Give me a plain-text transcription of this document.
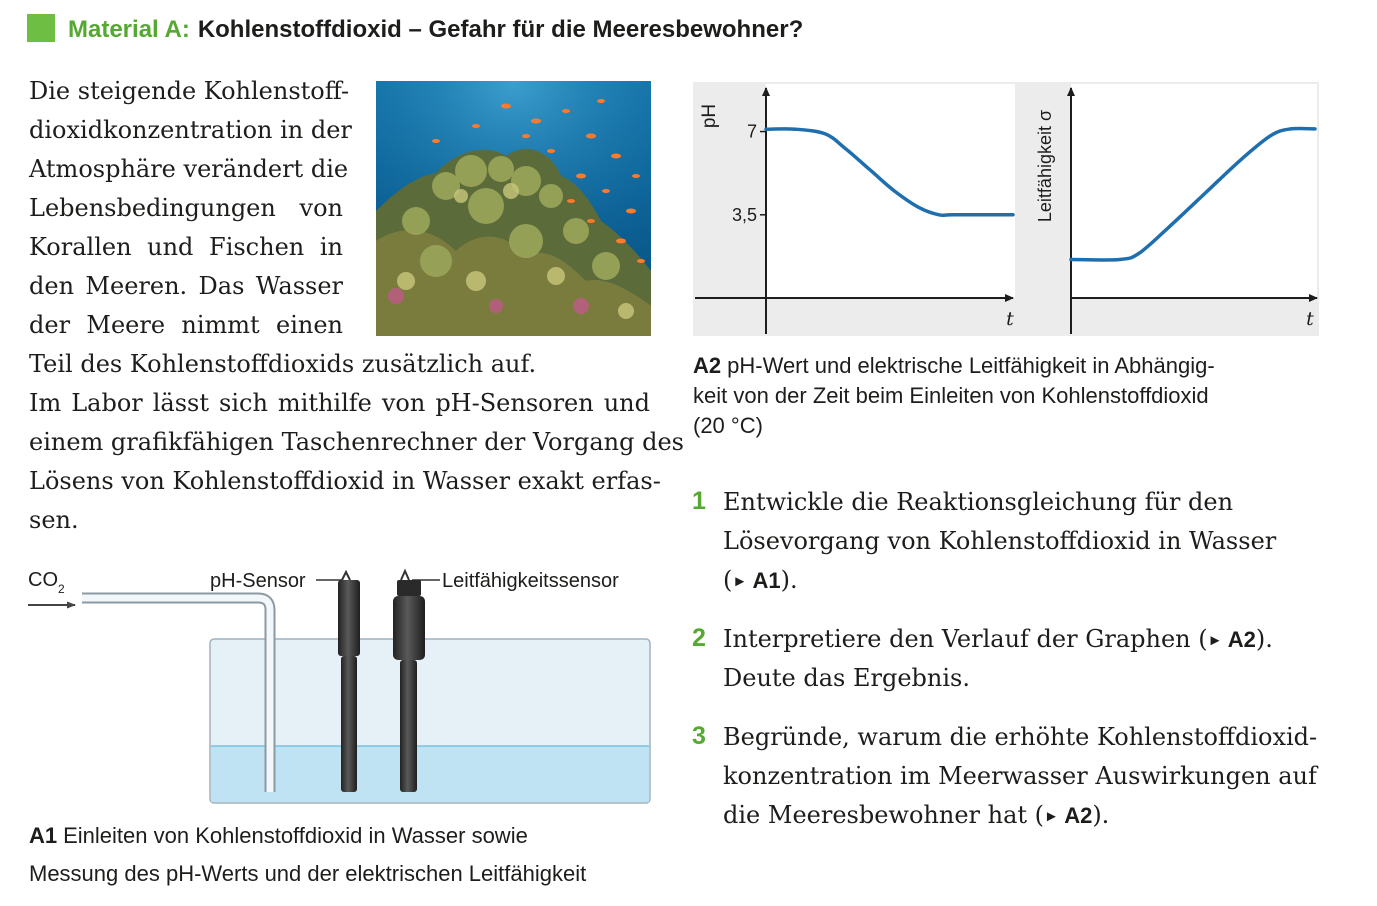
Material A: Kohlenstoffdioxid – Gefahr für die Meeresbewohner?
Die steigende Kohlenstoff-
dioxidkonzentration in der
Atmosphäre verändert die
Lebensbedingungen von
Korallen und Fischen in
den Meeren. Das Wasser
der Meere nimmt einen
Teil des Kohlenstoffdioxids zusätzlich auf.
Im Labor lässt sich mithilfe von pH-Sensoren und
einem grafikfähigen Taschenrechner der Vorgang des
Lösens von Kohlenstoffdioxid in Wasser exakt erfas-
sen.
3,5
7
pH	Leitfähigkeit σ
t	t
A2 pH-Wert und elektrische Leitfähigkeit in Abhängig-
keit von der Zeit beim Einleiten von Kohlenstoffdioxid
(20 °C)
1 Entwickle die Reaktionsgleichung für den
Lösevorgang von Kohlenstoffdioxid in Wasser
(► A1).
2 Interpretiere den Verlauf der Graphen (► A2).
Deute das Ergebnis.
3 Begründe, warum die erhöhte Kohlenstoffdioxid-
konzentration im Meerwasser Auswirkungen auf
die Meeresbewohner hat (► A2).
$CO_2$	pH-Sensor	Leitfähigkeitssensor
A1 Einleiten von Kohlenstoffdioxid in Wasser sowie
Messung des pH-Werts und der elektrischen Leitfähigkeit
